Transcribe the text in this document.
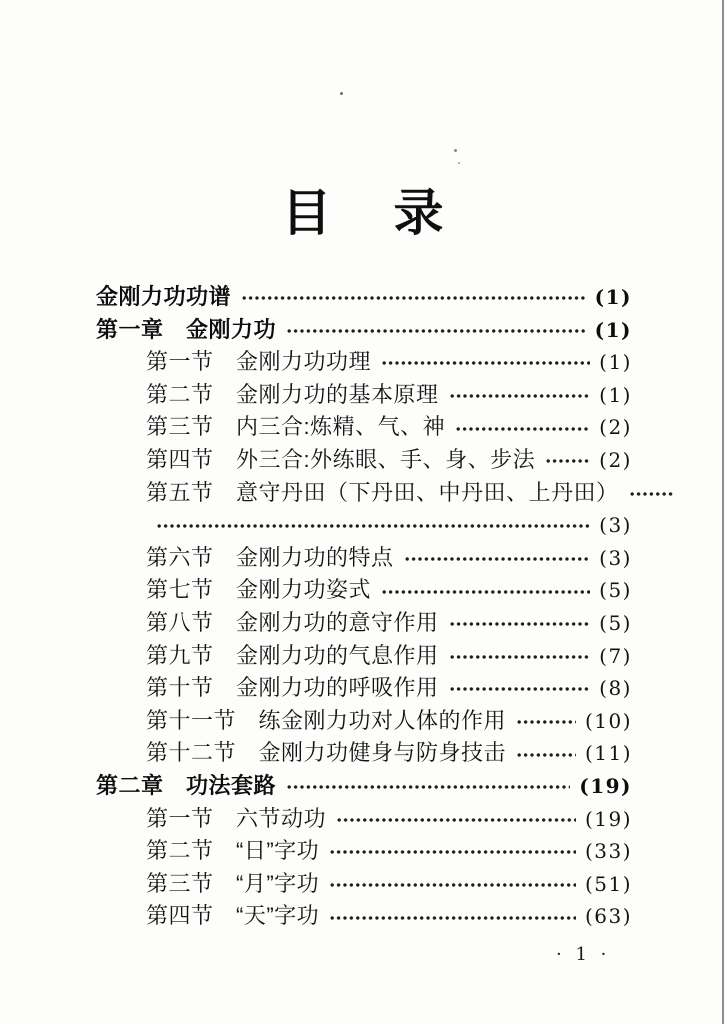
目 录
金刚力功功谱	(1)
第一章　金刚力功	(1)
第一节　金刚力功功理	(1)
第二节　金刚力功的基本原理	(1)
第三节　内三合:炼精、气、神	(2)
第四节　外三合:外练眼、手、身、步法	(2)
第五节　意守丹田（下丹田、中丹田、上丹田）
(3)
第六节　金刚力功的特点	(3)
第七节　金刚力功姿式	(5)
第八节　金刚力功的意守作用	(5)
第九节　金刚力功的气息作用	(7)
第十节　金刚力功的呼吸作用	(8)
第十一节　练金刚力功对人体的作用	(10)
第十二节　金刚力功健身与防身技击	(11)
第二章　功法套路	(19)
第一节　六节动功	(19)
第二节　“日”字功	(33)
第三节　“月”字功	(51)
第四节　“天”字功	(63)
· 1 ·
